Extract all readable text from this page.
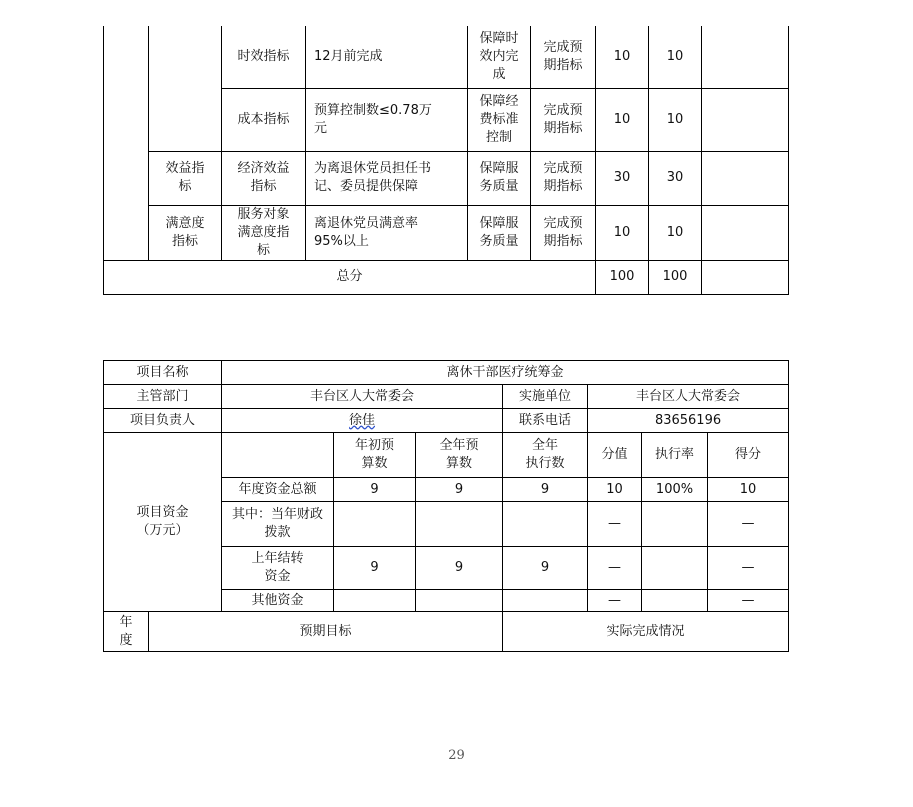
		时效指标	12月前完成	保障时
效内完
成	完成预
期指标	10	10	
		成本指标	预算控制数≤0.78万
元	保障经
费标准
控制	完成预
期指标	10	10	
	效益指
标	经济效益
指标	为离退休党员担任书
记、委员提供保障	保障服
务质量	完成预
期指标	30	30	
	满意度
指标	服务对象
满意度指
标	离退休党员满意率
95%以上	保障服
务质量	完成预
期指标	10	10	
总分						100	100	
项目名称		离休干部医疗统筹金						
主管部门		丰台区人大常委会			实施单位	丰台区人大常委会		
项目负责人		徐佳			联系电话	83656196		
项目资金
（万元）			年初预
算数	全年预
算数	全年
执行数	分值	执行率	得分
		年度资金总额	9	9	9	10	100%	10
		其中：当年财政
拨款				—		—
		上年结转
资金	9	9	9	—		—
		其他资金				—		—
年
度	预期目标				实际完成情况			
29
